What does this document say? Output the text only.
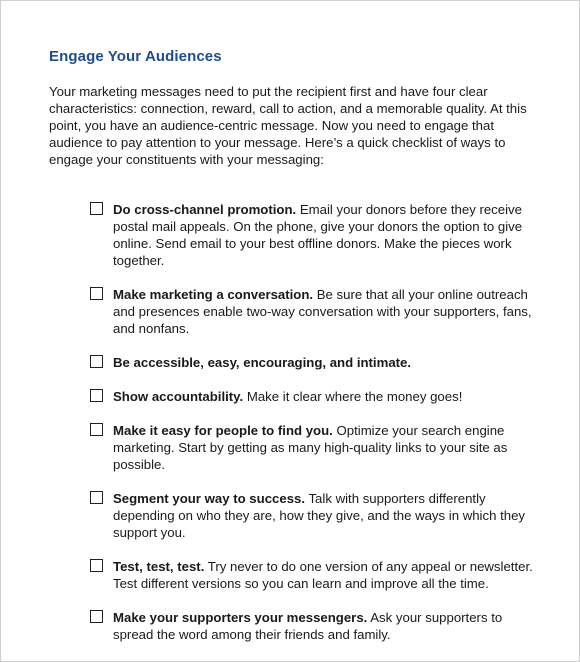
Engage Your Audiences

Your marketing messages need to put the recipient first and have four clear characteristics: connection, reward, call to action, and a memorable quality. At this point, you have an audience-centric message. Now you need to engage that audience to pay attention to your message. Here’s a quick checklist of ways to engage your constituents with your messaging:

Do cross-channel promotion. Email your donors before they receive postal mail appeals. On the phone, give your donors the option to give online. Send email to your best offline donors. Make the pieces work together.
Make marketing a conversation. Be sure that all your online outreach and presences enable two-way conversation with your supporters, fans, and nonfans.
Be accessible, easy, encouraging, and intimate.
Show accountability. Make it clear where the money goes!
Make it easy for people to find you. Optimize your search engine marketing. Start by getting as many high-quality links to your site as possible.
Segment your way to success. Talk with supporters differently depending on who they are, how they give, and the ways in which they support you.
Test, test, test. Try never to do one version of any appeal or newsletter. Test different versions so you can learn and improve all the time.
Make your supporters your messengers. Ask your supporters to spread the word among their friends and family.
